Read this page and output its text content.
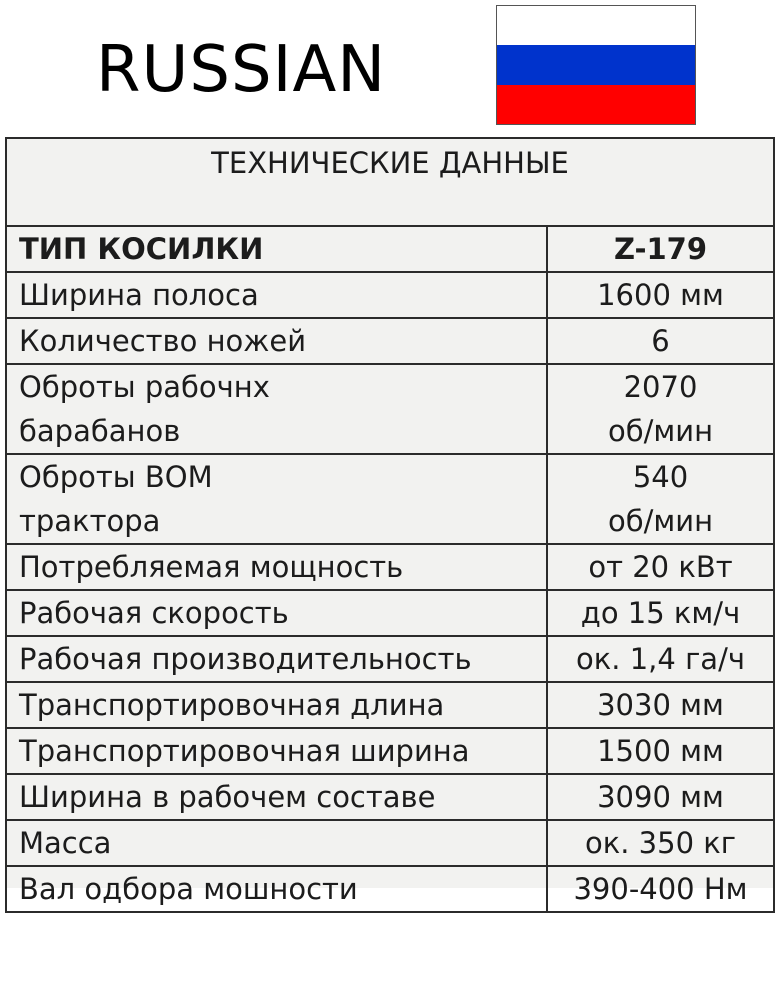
RUSSIAN
ТЕХНИЧЕСКИЕ ДАННЫЕ	
ТИП КОСИЛКИ	Z-179

Ширина полоса	1600 мм

Количество ножей	6

Оброты рабочнх
барабанов	2070
об/мин

Оброты ВОМ
трактора	540
об/мин

Потребляемая мощность	от 20 кВт

Рабочая скорость	до 15 км/ч

Рабочая производительность	ок. 1,4 га/ч

Транспортировочная длина	3030 мм

Транспортировочная ширина	1500 мм

Ширина в рабочем составе	3090 мм

Масса	ок. 350 кг

Вал одбора мошности	390-400 Нм
